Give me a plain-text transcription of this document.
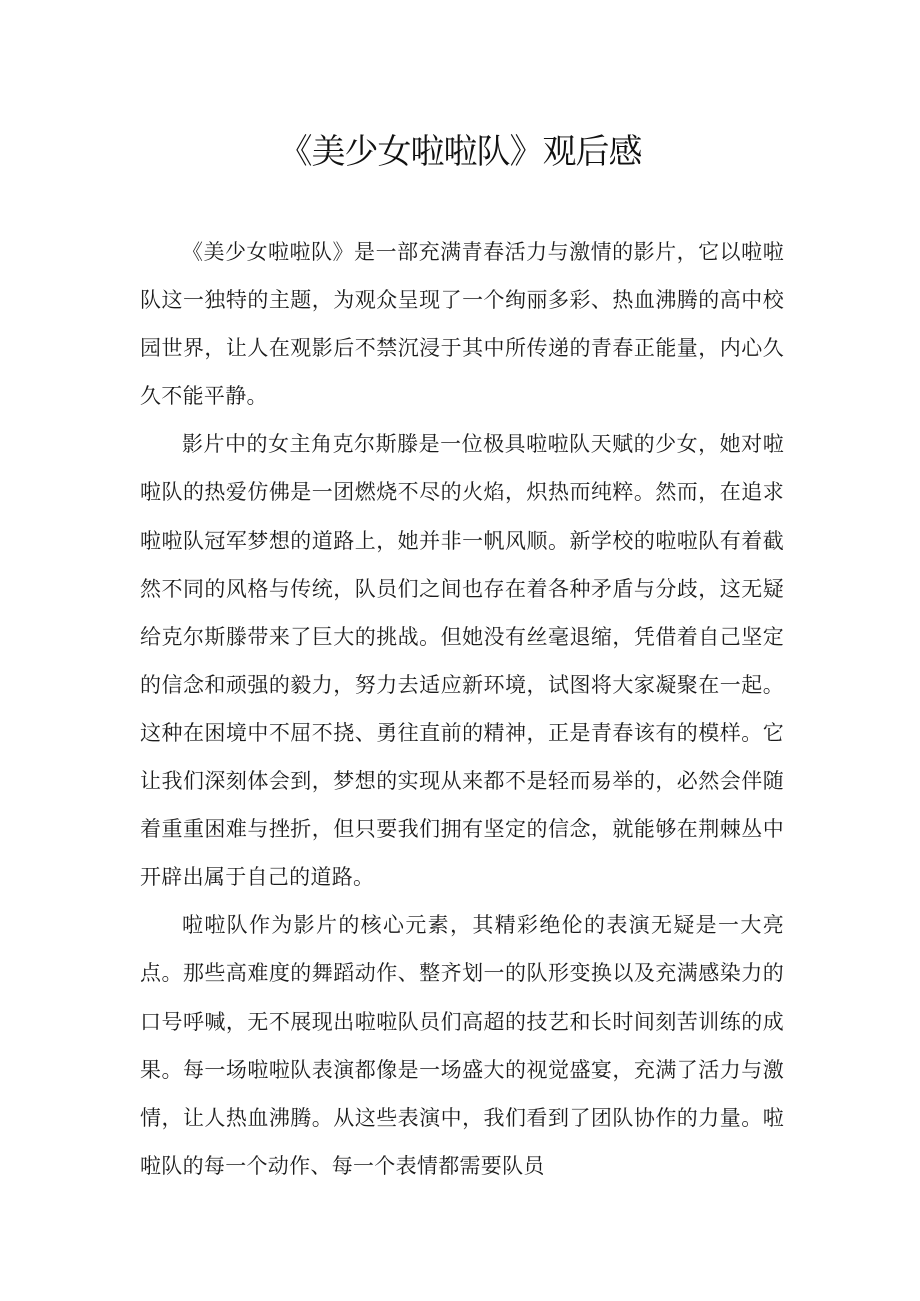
《美少女啦啦队》观后感

《美少女啦啦队》是一部充满青春活力与激情的影片，它以啦啦队这一独特的主题，为观众呈现了一个绚丽多彩、热血沸腾的高中校园世界，让人在观影后不禁沉浸于其中所传递的青春正能量，内心久久不能平静。

影片中的女主角克尔斯滕是一位极具啦啦队天赋的少女，她对啦啦队的热爱仿佛是一团燃烧不尽的火焰，炽热而纯粹。然而，在追求啦啦队冠军梦想的道路上，她并非一帆风顺。新学校的啦啦队有着截然不同的风格与传统，队员们之间也存在着各种矛盾与分歧，这无疑给克尔斯滕带来了巨大的挑战。但她没有丝毫退缩，凭借着自己坚定的信念和顽强的毅力，努力去适应新环境，试图将大家凝聚在一起。这种在困境中不屈不挠、勇往直前的精神，正是青春该有的模样。它让我们深刻体会到，梦想的实现从来都不是轻而易举的，必然会伴随着重重困难与挫折，但只要我们拥有坚定的信念，就能够在荆棘丛中开辟出属于自己的道路。

啦啦队作为影片的核心元素，其精彩绝伦的表演无疑是一大亮点。那些高难度的舞蹈动作、整齐划一的队形变换以及充满感染力的口号呼喊，无不展现出啦啦队员们高超的技艺和长时间刻苦训练的成果。每一场啦啦队表演都像是一场盛大的视觉盛宴，充满了活力与激情，让人热血沸腾。从这些表演中，我们看到了团队协作的力量。啦啦队的每一个动作、每一个表情都需要队员
